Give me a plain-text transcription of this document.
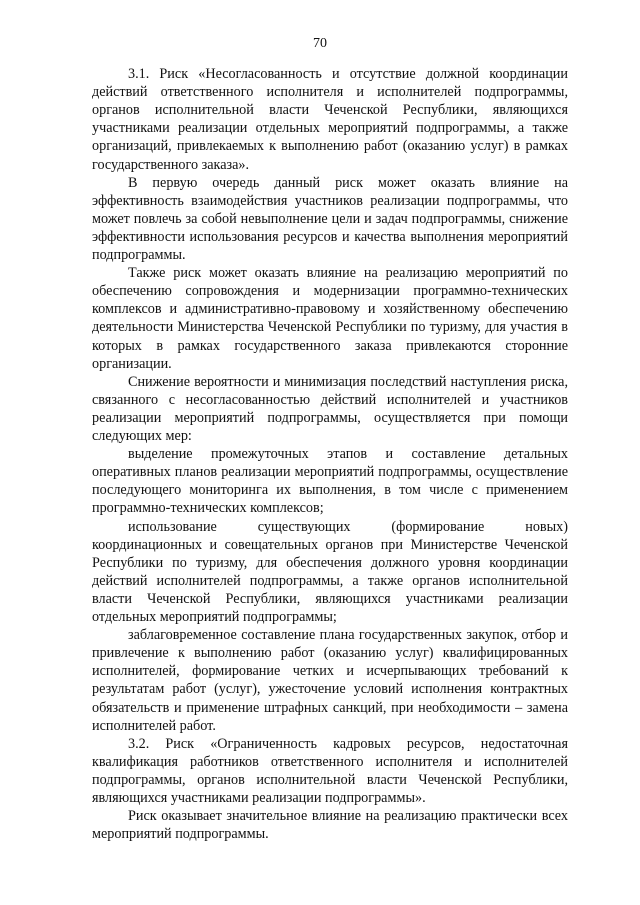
70
3.1. Риск «Несогласованность и отсутствие должной координации
действий ответственного исполнителя и исполнителей подпрограммы,
органов исполнительной власти Чеченской Республики, являющихся
участниками реализации отдельных мероприятий подпрограммы, а также
организаций, привлекаемых к выполнению работ (оказанию услуг) в рамках
государственного заказа».
В первую очередь данный риск может оказать влияние на
эффективность взаимодействия участников реализации подпрограммы, что
может повлечь за собой невыполнение цели и задач подпрограммы, снижение
эффективности использования ресурсов и качества выполнения мероприятий
подпрограммы.
Также риск может оказать влияние на реализацию мероприятий по
обеспечению сопровождения и модернизации программно-технических
комплексов и административно-правовому и хозяйственному обеспечению
деятельности Министерства Чеченской Республики по туризму, для участия в
которых в рамках государственного заказа привлекаются сторонние
организации.
Снижение вероятности и минимизация последствий наступления риска,
связанного с несогласованностью действий исполнителей и участников
реализации мероприятий подпрограммы, осуществляется при помощи
следующих мер:
выделение промежуточных этапов и составление детальных
оперативных планов реализации мероприятий подпрограммы, осуществление
последующего мониторинга их выполнения, в том числе с применением
программно-технических комплексов;
использование существующих (формирование новых)
координационных и совещательных органов при Министерстве Чеченской
Республики по туризму, для обеспечения должного уровня координации
действий исполнителей подпрограммы, а также органов исполнительной
власти Чеченской Республики, являющихся участниками реализации
отдельных мероприятий подпрограммы;
заблаговременное составление плана государственных закупок, отбор и
привлечение к выполнению работ (оказанию услуг) квалифицированных
исполнителей, формирование четких и исчерпывающих требований к
результатам работ (услуг), ужесточение условий исполнения контрактных
обязательств и применение штрафных санкций, при необходимости – замена
исполнителей работ.
3.2. Риск «Ограниченность кадровых ресурсов, недостаточная
квалификация работников ответственного исполнителя и исполнителей
подпрограммы, органов исполнительной власти Чеченской Республики,
являющихся участниками реализации подпрограммы».
Риск оказывает значительное влияние на реализацию практически всех
мероприятий подпрограммы.
